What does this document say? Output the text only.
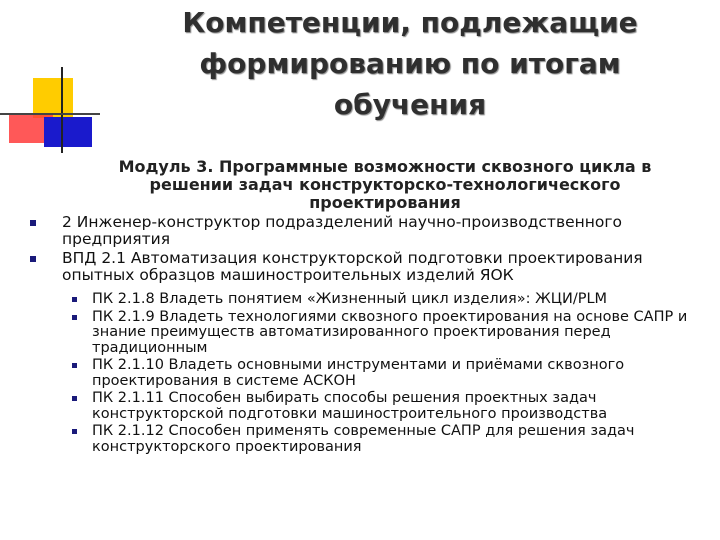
Компетенции, подлежащие
формированию по итогам
обучения
Модуль 3. Программные возможности сквозного цикла в
решении задач конструкторско-технологического
проектирования
2 Инженер-конструктор подразделений научно-производственного предприятия
ВПД 2.1 Автоматизация конструкторской подготовки проектирования опытных образцов машиностроительных изделий ЯОК
ПК 2.1.8 Владеть понятием «Жизненный цикл изделия»: ЖЦИ/PLM
ПК 2.1.9 Владеть технологиями сквозного проектирования на основе САПР и знание преимуществ автоматизированного проектирования перед традиционным
ПК 2.1.10 Владеть основными инструментами и приёмами сквозного проектирования в системе АСКОН
ПК 2.1.11 Способен выбирать способы решения проектных задач конструкторской подготовки машиностроительного производства
ПК 2.1.12 Способен применять современные САПР для решения задач конструкторского проектирования
